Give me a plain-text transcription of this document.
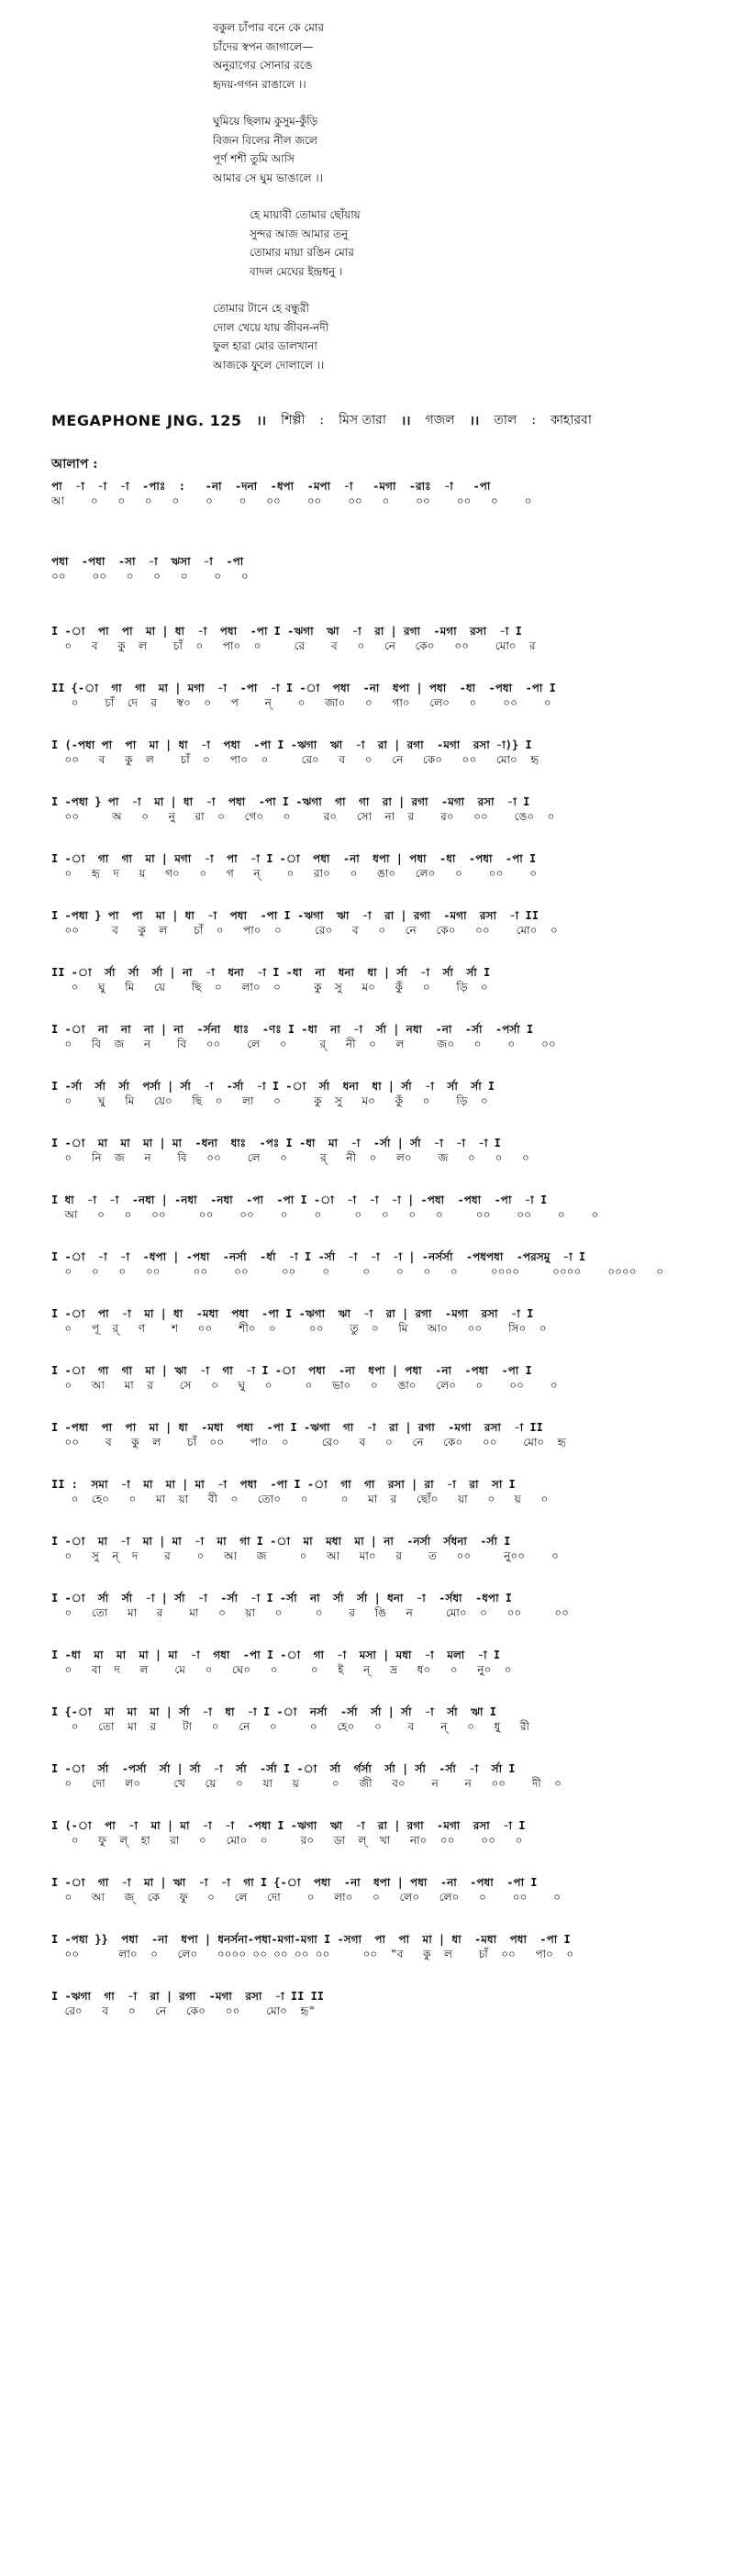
বকুল চাঁপার বনে কে মোর
চাঁদের স্বপন জাগালে—
অনুরাগের সোনার রঙে
হৃদয়-গগন রাঙালে ।।
ঘুমিয়ে ছিলাম কুসুম-কুঁড়ি
বিজন বিলের নীল জলে
পূর্ণ শশী তুমি আসি
আমার সে ঘুম ভাঙালে ।।
হে মায়াবী তোমার ছোঁয়ায়
সুন্দর আজ আমার তনু
তোমার মায়া রঙিন মোর
বাদল মেঘের ইন্দ্রধনু ।
তোমার টানে হে বন্ধুরী
দোল খেয়ে যায় জীবন-নদী
ফুল হারা মোর ডালখানা
আজকে ফুলে দোলালে ।।
MEGAPHONE JNG. 125 ।। শিল্পী : মিস তারা ।। গজল ।। তাল : কাহারবা
আলাপ :
পা  -া  -া  -া  -পাঃ  :   -না  -দনা  -ধপা  -মপা  -া   -মগা  -রাঃ  -া   -পা
আ    ০   ০   ০   ০    ০    ০   ০০    ০০    ০০   ০    ০০    ০০   ০    ০
পধা  -পধা  -সা  -া  ঋসা  -া  -পা
০০    ০০   ০   ০   ০    ০   ০
I -া  পা  পা  মা | ধা  -া  পধা  -পা I -ঋগা  ঋা  -া  রা | রগা  -মগা  রসা  -া I
০   ব   কু  ল    চাঁ  ০   পা০  ০     রে    ব   ০   নে   কে০   ০০    মো০  র
II {-া  গা  গা  মা | মগা  -া  -পা  -া I -া  পধা  -না  ধপা | পধা  -ধা  -পধা  -পা I
০    চাঁ  দে  র   স্ব০  ০   প    ন্    ০   জা০   ০   গা০   লে০   ০    ০০    ০
I (-পধা পা  পা  মা | ধা  -া  পধা  -পা I -ঋগা  ঋা  -া  রা | রগা  -মগা  রসা -া)} I
০০   ব   কু  ল    চাঁ  ০   পা০  ০     রে০   ব   ০   নে   কে০   ০০   মো০  হৃ
I -পধা } পা  -া  মা | ধা  -া  পধা  -পা I -ঋগা  গা  গা  রা | রগা  -মগা  রসা  -া I
০০     অ   ০   নু   রা  ০   গে০   ০     র০   সো  না  র    র০   ০০    ঙে০  ০
I -া  গা  গা  মা | মগা  -া  পা  -া I -া  পধা  -না  ধপা | পধা  -ধা  -পধা  -পা I
০   হৃ  দ   য়   গ০   ০   গ   ন্    ০   রা০   ০   ঙা০   লে০   ০    ০০    ০
I -পধা } পা  পা  মা | ধা  -া  পধা  -পা I -ঋগা  ঋা  -া  রা | রগা  -মগা  রসা  -া II
০০     ব   কু  ল    চাঁ  ০   পা০  ০     রে০   ব   ০   নে   কে০   ০০    মো০  ০
II -া  র্সা  র্সা  র্সা | না  -া  ধনা  -া I -ধা  না  ধনা  ধা | র্সা  -া  র্সা  র্সা I
০   ঘু   মি   য়ে    ছি  ০   লা০  ০     কু  সু   ম০   কুঁ   ০    ড়ি  ০
I -া  না  না  না | না  -র্সনা  ধাঃ  -ণঃ I -ধা  না  -া  র্সা | নধা  -না  -র্সা  -পর্সা I
০   বি  জ   ন    বি   ০০    লে   ০     র্   নী  ০   ল     জ০   ০    ০    ০০
I -র্সা  র্সা  র্সা  পর্সা | র্সা  -া  -র্সা  -া I -া  র্সা  ধনা  ধা | র্সা  -া  র্সা  র্সা I
০    ঘু   মি   য়ে০   ছি  ০   লা   ০     কু  সু   ম০   কুঁ   ০    ড়ি  ০
I -া  মা  মা  মা | মা  -ধনা  ধাঃ  -পঃ I -ধা  মা  -া  -র্সা | র্সা  -া  -া  -া I
০   নি  জ   ন    বি   ০০    লে   ০     র্   নী  ০   ল০    জ   ০   ০   ০
I ধা  -া  -া  -নধা | -নধা  -নধা  -পা  -পা I -া  -া  -া  -া | -পধা  -পধা  -পা  -া I
আ   ০   ০   ০০     ০০    ০০    ০    ০     ০   ০   ০   ০     ০০    ০০    ০    ০
I -া  -া  -া  -ধপা | -পধা  -নর্সা  -র্ধা  -া I -র্সা  -া  -া  -া | -নর্সর্সা  -পধপধা  -পরসমু  -া I
০   ০   ০   ০০     ০০    ০০     ০০    ০     ০    ০   ০   ০     ০০০০     ০০০০    ০০০০   ০
I -া  পা  -া  মা | ধা  -মধা  পধা  -পা I -ঋগা  ঋা  -া  রা | রগা  -মগা  রসা  -া I
০   পূ  র্   ণ    শ   ০০    শী০  ০     ০০    তু  ০   মি   আ০   ০০    সি০  ০
I -া  গা  গা  মা | ঋা  -া  গা  -া I -া  পধা  -না  ধপা | পধা  -না  -পধা  -পা I
০   আ   মা  র    সে   ০   ঘু   ০     ০   ভা০   ০   ঙা০   লে০   ০    ০০    ০
I -পধা  পা  পা  মা | ধা  -মধা  পধা  -পা I -ঋগা  গা  -া  রা | রগা  -মগা  রসা  -া II
০০    ব   কু  ল    চাঁ  ০০    পা০  ০     রে০   ব   ০   নে   কে০   ০০    মো০  হৃ
II :  সমা  -া  মা  মা | মা  -া  পধা  -পা I -া  গা  গা  রসা | রা  -া  রা  সা I
০  হে০   ০   মা  য়া   বী  ০   তো০   ০     ০   মা  র   ছোঁ০   য়া   ০   য়   ০
I -া  মা  -া  মা | মা  -া  মা  গা I -া  মা  মধা  মা | না  -নর্সা  র্সধনা  -র্সা I
০   সু  ন্  দ    র    ০   আ   জ     ০   আ   মা০   র    ত   ০০     নু০০    ০
I -া  র্সা  র্সা  -া | র্সা  -া  -র্সা  -া I -র্সা  না  র্সা  র্সা | ধনা  -া  -র্সধা  -ধপা I
০   তো   মা   র    মা   ০   য়া   ০     ০    র   ঙি   ন     মো০  ০   ০০     ০০
I -ধা  মা  মা  মা | মা  -া  গধা  -পা I -া  গা  -া  মসা | মধা  -া  মলা  -া I
০   বা  দ   ল    মে   ০   ঘে০   ০     ০   ই   ন্   দ্র   ধ০   ০   নু০  ০
I {-া  মা  মা  মা | র্সা  -া  ধা  -া I -া  নর্সা  -র্সা  র্সা | র্সা  -া  র্সা  ঋা I
০   তো  মা  র    টা   ০   নে   ০     ০   হে০   ০    ব    ন্   ০   ধু   রী
I -া  র্সা  -পর্সা  র্সা | র্সা  -া  র্সা  -র্সা I -া  র্সা  র্গর্সা  র্সা | র্সা  -র্সা  -া  র্সা I
০   দো   ল০     খে   য়ে   ০   যা   য়     ০   জী   ব০    ন    ন   ০০    দী  ০
I (-া  পা  -া  মা | মা  -া  -া  -পধা I -ঋগা  ঋা  -া  রা | রগা  -মগা  রসা  -া I
০   ফু  ল্  হা   রা   ০   মো০  ০     র০   ডা  ল্  খা   না০  ০০    ০০   ০
I -া  গা  -া  মা | ঋা  -া  -া  গা I {-া  পধা  -না  ধপা | পধা  -না  -পধা  -পা I
০   আ   জ্  কে   ফু   ০   লে   দো    ০   লা০   ০   লে০   লে০   ০    ০০    ০
I -পধা }}  পধা  -না  ধপা | ধনর্সনা-পধা-মগা-মগা I -সগা  পা  পা  মা | ধা  -মধা  পধা  -পা I
০০      লা০  ০   লে০   ০০০০ ০০ ০০ ০০ ০০     ০০  "ব   কু  ল    চাঁ  ০০   পা০  ০
I -ঋগা  গা  -া  রা | রগা  -মগা  রসা  -া II II
রে০   ব   ০   নে   কে০   ০০    মো০  হৃ"
